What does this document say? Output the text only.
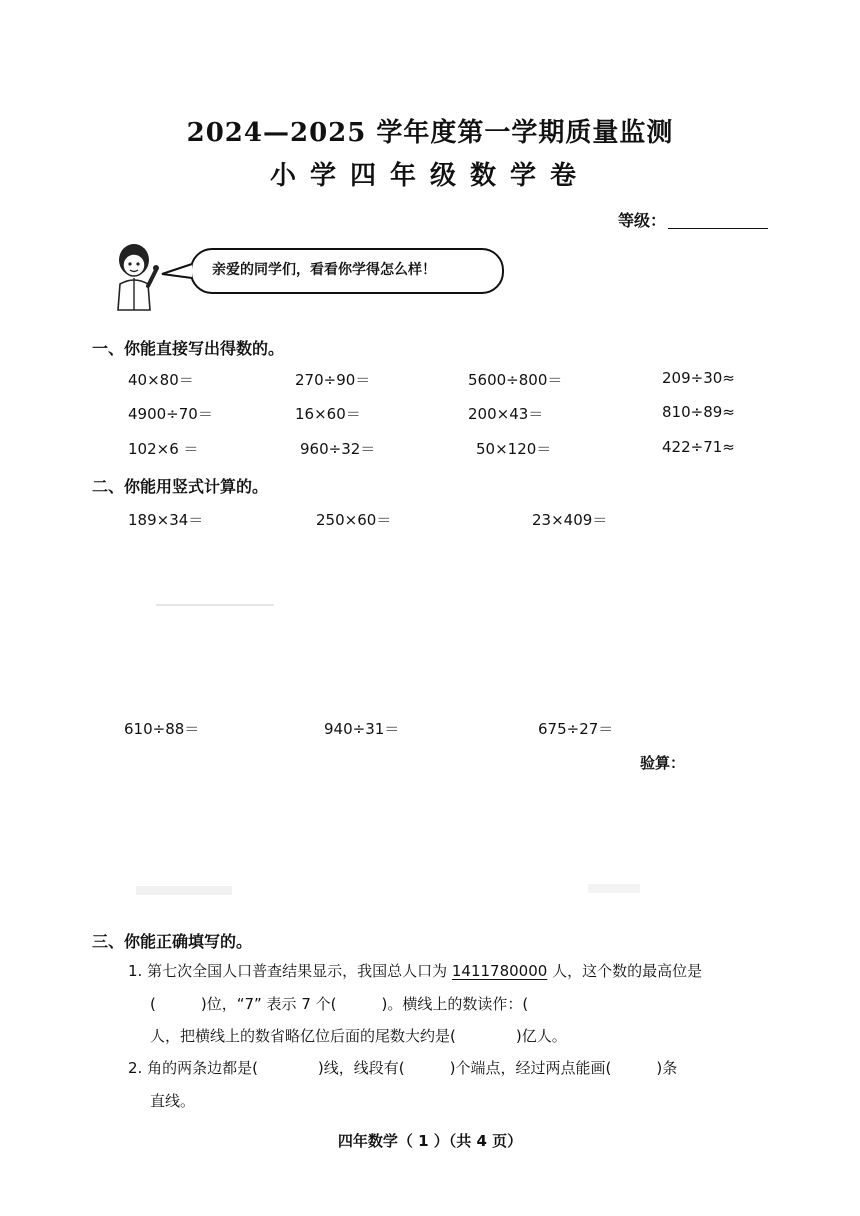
2024—2025 学年度第一学期质量监测
小学四年级数学卷
等级：
亲爱的同学们，看看你学得怎么样！
一、你能直接写出得数的。
40×80＝	270÷90＝	5600÷800＝	209÷30≈
4900÷70＝	16×60＝	200×43＝	810÷89≈
102×6 ＝	960÷32＝	50×120＝	422÷71≈
二、你能用竖式计算的。
189×34＝	250×60＝	23×409＝
610÷88＝	940÷31＝	675÷27＝
验算：
三、你能正确填写的。
1. 第七次全国人口普查结果显示，我国总人口为 1411780000 人，这个数的最高位是
(　　　)位，“7” 表示 7 个(　　　)。横线上的数读作：(
人，把横线上的数省略亿位后面的尾数大约是(　　　　)亿人。
2. 角的两条边都是(　　　　)线，线段有(　　　)个端点，经过两点能画(　　　)条
直线。
四年数学（ 1 ）（共 4 页）
